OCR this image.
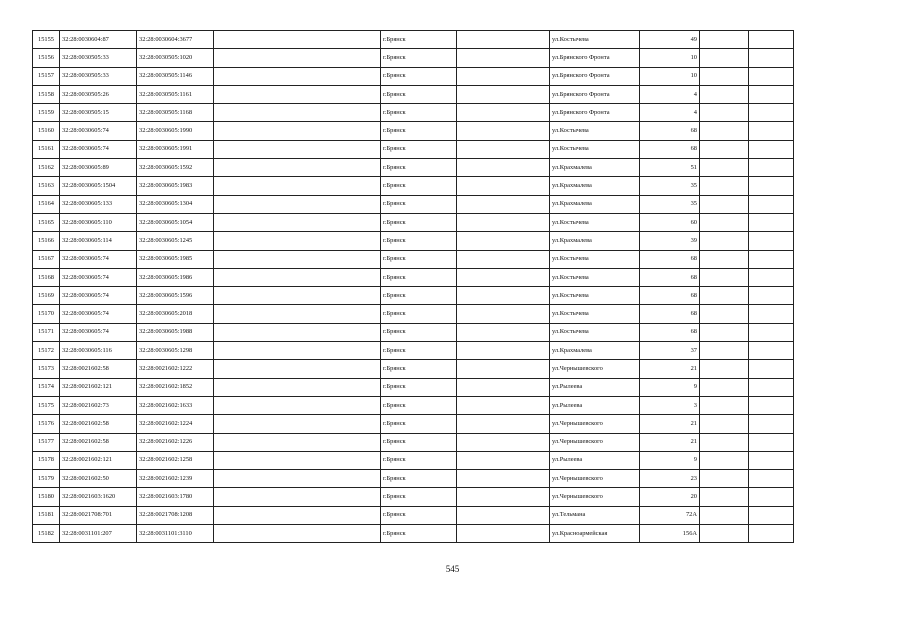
15155	32:28:0030604:87	32:28:0030604:3677		г.Брянск		ул.Костычева	49		
15156	32:28:0030505:33	32:28:0030505:1020		г.Брянск		ул.Брянского Фронта	10		
15157	32:28:0030505:33	32:28:0030505:1146		г.Брянск		ул.Брянского Фронта	10		
15158	32:28:0030505:26	32:28:0030505:1161		г.Брянск		ул.Брянского Фронта	4		
15159	32:28:0030505:15	32:28:0030505:1168		г.Брянск		ул.Брянского Фронта	4		
15160	32:28:0030605:74	32:28:0030605:1990		г.Брянск		ул.Костычева	68		
15161	32:28:0030605:74	32:28:0030605:1991		г.Брянск		ул.Костычева	68		
15162	32:28:0030605:89	32:28:0030605:1592		г.Брянск		ул.Крахмалева	51		
15163	32:28:0030605:1504	32:28:0030605:1983		г.Брянск		ул.Крахмалева	35		
15164	32:28:0030605:133	32:28:0030605:1304		г.Брянск		ул.Крахмалева	35		
15165	32:28:0030605:110	32:28:0030605:1054		г.Брянск		ул.Костычева	60		
15166	32:28:0030605:114	32:28:0030605:1245		г.Брянск		ул.Крахмалева	39		
15167	32:28:0030605:74	32:28:0030605:1985		г.Брянск		ул.Костычева	68		
15168	32:28:0030605:74	32:28:0030605:1986		г.Брянск		ул.Костычева	68		
15169	32:28:0030605:74	32:28:0030605:1596		г.Брянск		ул.Костычева	68		
15170	32:28:0030605:74	32:28:0030605:2018		г.Брянск		ул.Костычева	68		
15171	32:28:0030605:74	32:28:0030605:1988		г.Брянск		ул.Костычева	68		
15172	32:28:0030605:116	32:28:0030605:1298		г.Брянск		ул.Крахмалева	37		
15173	32:28:0021602:58	32:28:0021602:1222		г.Брянск		ул.Чернышевского	21		
15174	32:28:0021602:121	32:28:0021602:1852		г.Брянск		ул.Рылеева	9		
15175	32:28:0021602:73	32:28:0021602:1633		г.Брянск		ул.Рылеева	3		
15176	32:28:0021602:58	32:28:0021602:1224		г.Брянск		ул.Чернышевского	21		
15177	32:28:0021602:58	32:28:0021602:1226		г.Брянск		ул.Чернышевского	21		
15178	32:28:0021602:121	32:28:0021602:1258		г.Брянск		ул.Рылеева	9		
15179	32:28:0021602:50	32:28:0021602:1239		г.Брянск		ул.Чернышевского	23		
15180	32:28:0021603:1620	32:28:0021603:1780		г.Брянск		ул.Чернышевского	20		
15181	32:28:0021708:701	32:28:0021708:1208		г.Брянск		ул.Тельмана	72А		
15182	32:28:0031101:207	32:28:0031101:3110		г.Брянск		ул.Красноармейская	156А		
545
